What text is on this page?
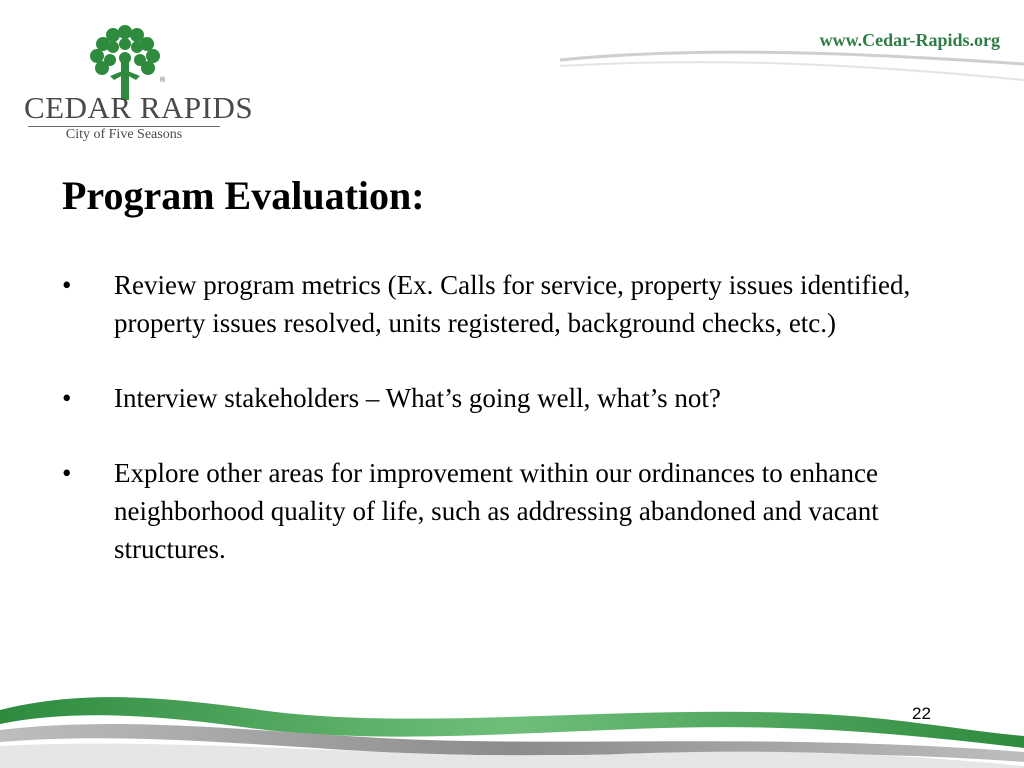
®
CEDAR RAPIDS
City of Five Seasons
www.Cedar-Rapids.org
Program Evaluation:
• Review program metrics (Ex. Calls for service, property issues identified, property issues resolved, units registered, background checks, etc.)
• Interview stakeholders – What’s going well, what’s not?
• Explore other areas for improvement within our ordinances to enhance neighborhood quality of life, such as addressing abandoned and vacant structures.
22
